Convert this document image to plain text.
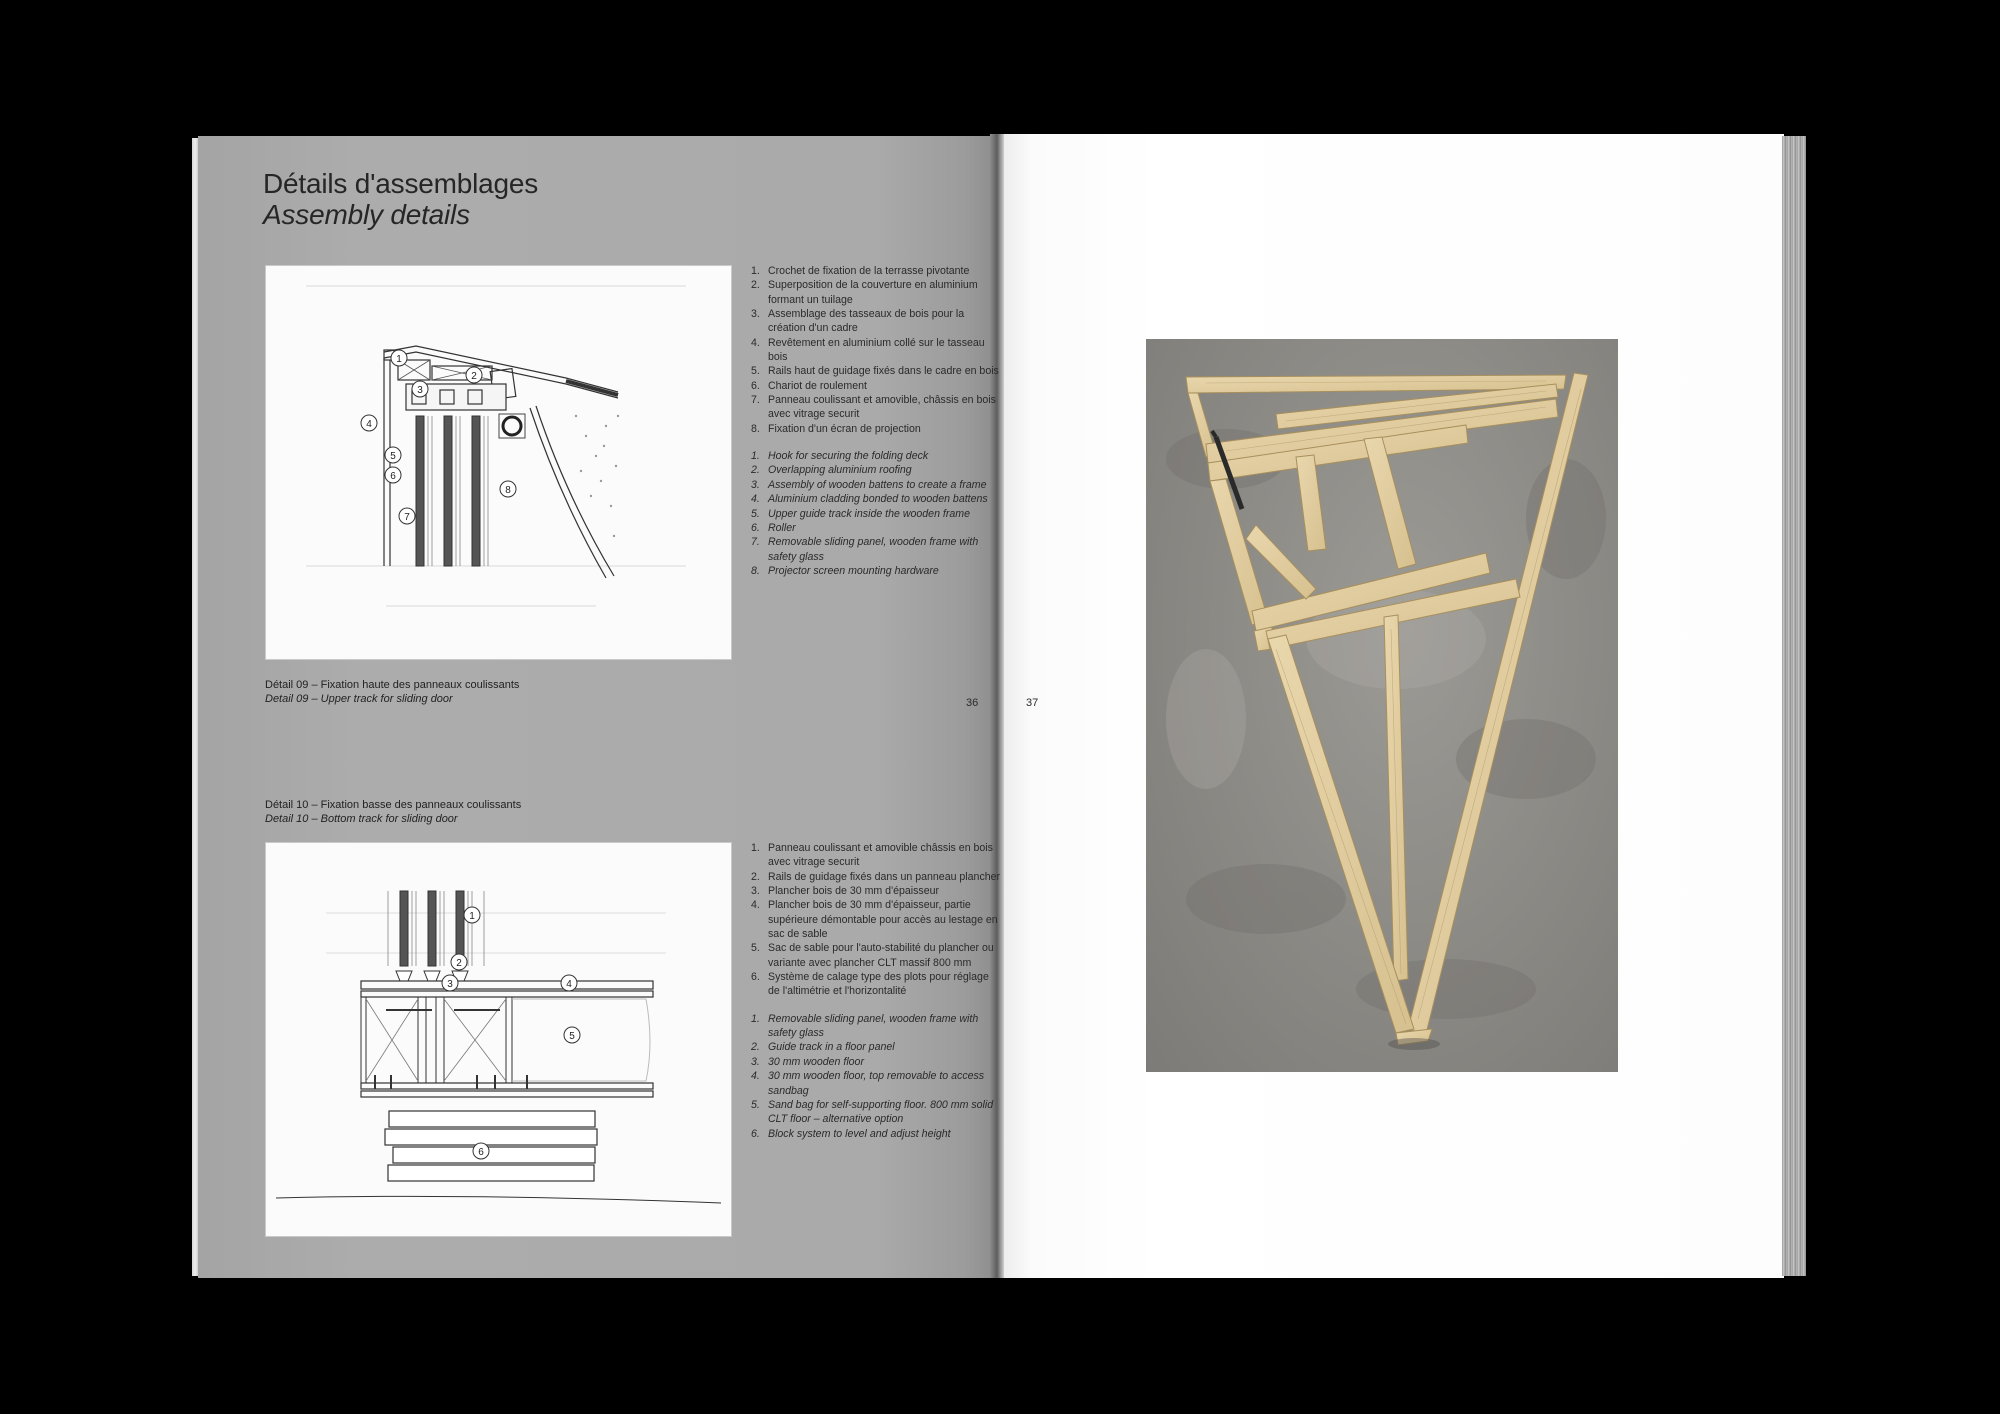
Détails d'assemblages
Assembly details
1
2
3
4
5
6
7
8
Détail 09 – Fixation haute des panneaux coulissants
Detail 09 – Upper track for sliding door
1. Crochet de fixation de la terrasse pivotante
2. Superposition de la couverture en aluminium formant un tuilage
3. Assemblage des tasseaux de bois pour la création d'un cadre
4. Revêtement en aluminium collé sur le tasseau bois
5. Rails haut de guidage fixés dans le cadre en bois
6. Chariot de roulement
7. Panneau coulissant et amovible, châssis en bois avec vitrage securit
8. Fixation d'un écran de projection
1. Hook for securing the folding deck
2. Overlapping aluminium roofing
3. Assembly of wooden battens to create a frame
4. Aluminium cladding bonded to wooden battens
5. Upper guide track inside the wooden frame
6. Roller
7. Removable sliding panel, wooden frame with safety glass
8. Projector screen mounting hardware
36	37
Détail 10 – Fixation basse des panneaux coulissants
Detail 10 – Bottom track for sliding door
1
2
3	4
5
6
1. Panneau coulissant et amovible châssis en bois avec vitrage securit
2. Rails de guidage fixés dans un panneau plancher
3. Plancher bois de 30 mm d'épaisseur
4. Plancher bois de 30 mm d'épaisseur, partie supérieure démontable pour accès au lestage en sac de sable
5. Sac de sable pour l'auto-stabilité du plancher ou variante avec plancher CLT massif 800 mm
6. Système de calage type des plots pour réglage de l'altimétrie et l'horizontalité
1. Removable sliding panel, wooden frame with safety glass
2. Guide track in a floor panel
3. 30 mm wooden floor
4. 30 mm wooden floor, top removable to access sandbag
5. Sand bag for self-supporting floor. 800 mm solid CLT floor – alternative option
6. Block system to level and adjust height
